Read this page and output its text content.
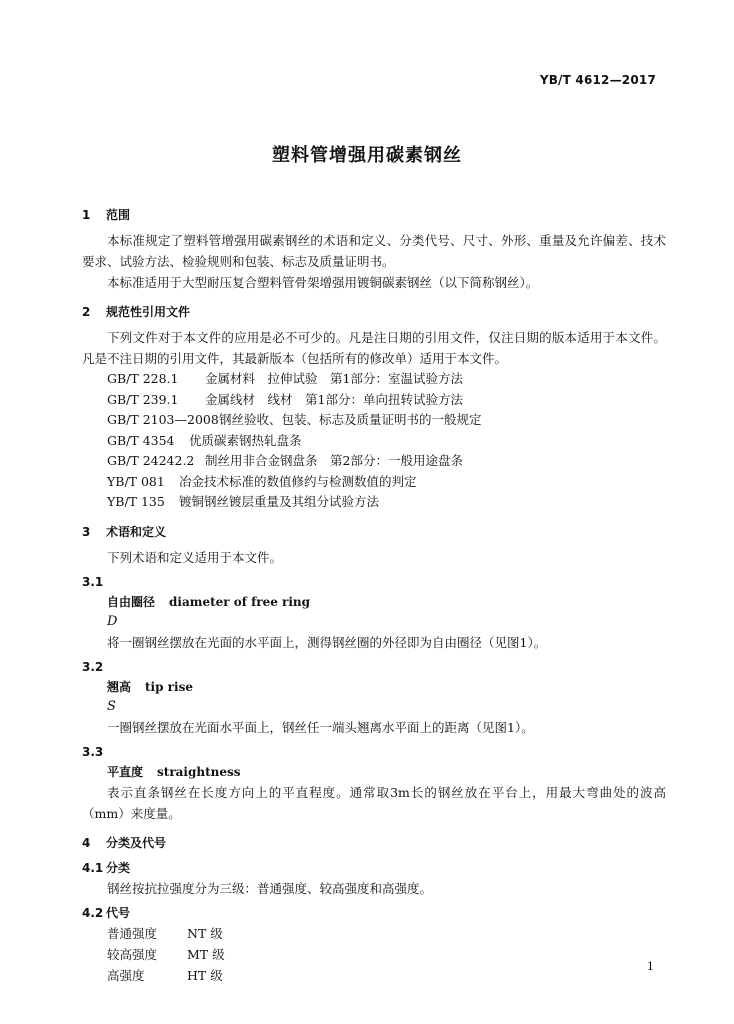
YB/T 4612—2017
塑料管增强用碳素钢丝
1 范围

本标准规定了塑料管增强用碳素钢丝的术语和定义、分类代号、尺寸、外形、重量及允许偏差、技术要求、试验方法、检验规则和包装、标志及质量证明书。

本标准适用于大型耐压复合塑料管骨架增强用镀铜碳素钢丝（以下简称钢丝）。

2 规范性引用文件

下列文件对于本文件的应用是必不可少的。凡是注日期的引用文件，仅注日期的版本适用于本文件。凡是不注日期的引用文件，其最新版本（包括所有的修改单）适用于本文件。

GB/T 228.1 金属材料　拉伸试验　第1部分：室温试验方法
GB/T 239.1 金属线材　线材　第1部分：单向扭转试验方法
GB/T 2103—2008钢丝验收、包装、标志及质量证明书的一般规定
GB/T 4354 优质碳素钢热轧盘条
GB/T 24242.2 制丝用非合金钢盘条　第2部分：一般用途盘条
YB/T 081 冶金技术标准的数值修约与检测数值的判定
YB/T 135 镀铜钢丝镀层重量及其组分试验方法
3 术语和定义

下列术语和定义适用于本文件。

3.1
自由圈径 diameter of free ring
D
将一圈钢丝摆放在光面的水平面上，测得钢丝圈的外径即为自由圈径（见图1）。
3.2
翘高 tip rise
S
一圈钢丝摆放在光面水平面上，钢丝任一端头翘离水平面上的距离（见图1）。
3.3
平直度 straightness
表示直条钢丝在长度方向上的平直程度。通常取3m长的钢丝放在平台上，用最大弯曲处的波高（mm）来度量。
4 分类及代号
4.1 分类
钢丝按抗拉强度分为三级：普通强度、较高强度和高强度。
4.2 代号
普通强度 NT 级
较高强度 MT 级
高强度	HT 级
1
